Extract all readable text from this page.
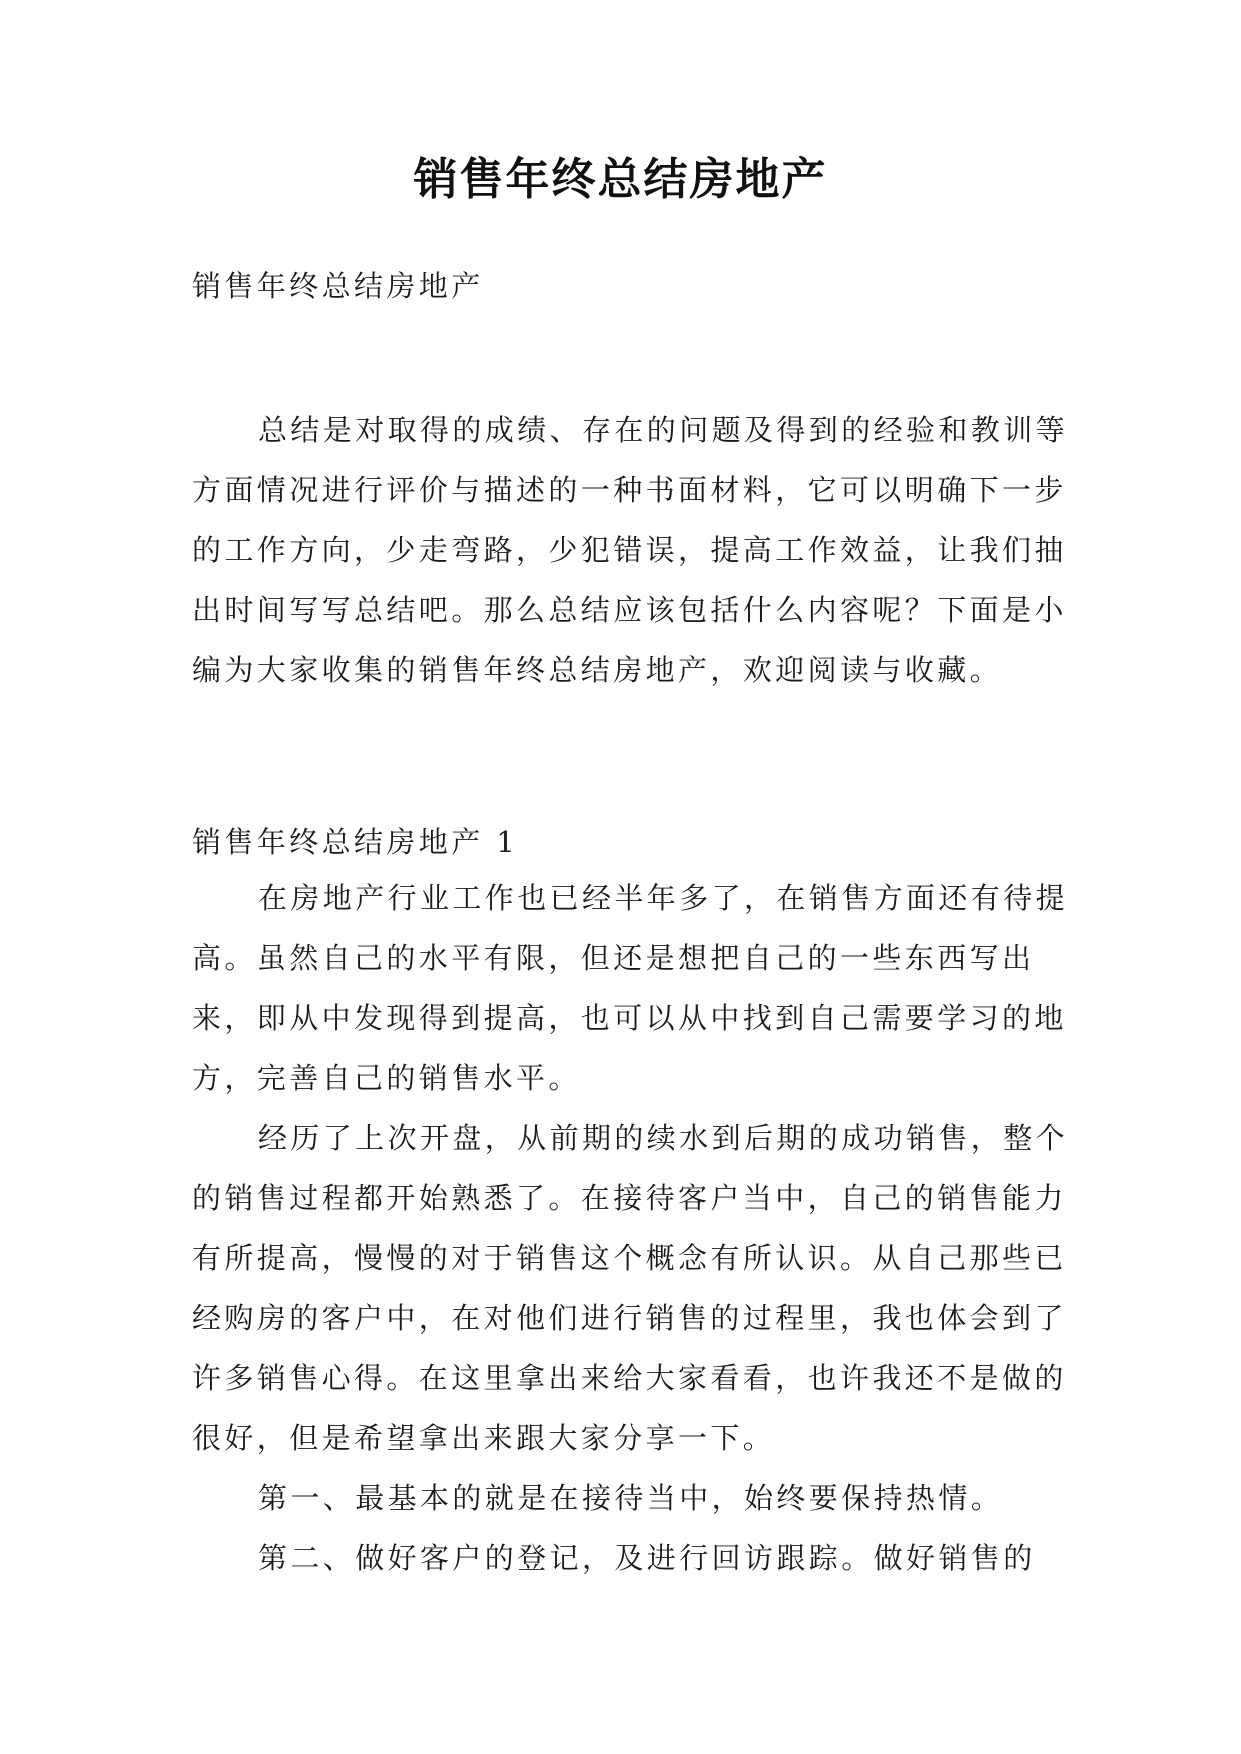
销售年终总结房地产
销售年终总结房地产
总结是对取得的成绩、存在的问题及得到的经验和教训等方面情况进行评价与描述的一种书面材料，它可以明确下一步的工作方向，少走弯路，少犯错误，提高工作效益，让我们抽出时间写写总结吧。那么总结应该包括什么内容呢？下面是小编为大家收集的销售年终总结房地产，欢迎阅读与收藏。
销售年终总结房地产 1

在房地产行业工作也已经半年多了，在销售方面还有待提高。虽然自己的水平有限，但还是想把自己的一些东西写出来，即从中发现得到提高，也可以从中找到自己需要学习的地方，完善自己的销售水平。

经历了上次开盘，从前期的续水到后期的成功销售，整个的销售过程都开始熟悉了。在接待客户当中，自己的销售能力有所提高，慢慢的对于销售这个概念有所认识。从自己那些已经购房的客户中，在对他们进行销售的过程里，我也体会到了许多销售心得。在这里拿出来给大家看看，也许我还不是做的很好，但是希望拿出来跟大家分享一下。

第一、最基本的就是在接待当中，始终要保持热情。

第二、做好客户的登记，及进行回访跟踪。做好销售的
